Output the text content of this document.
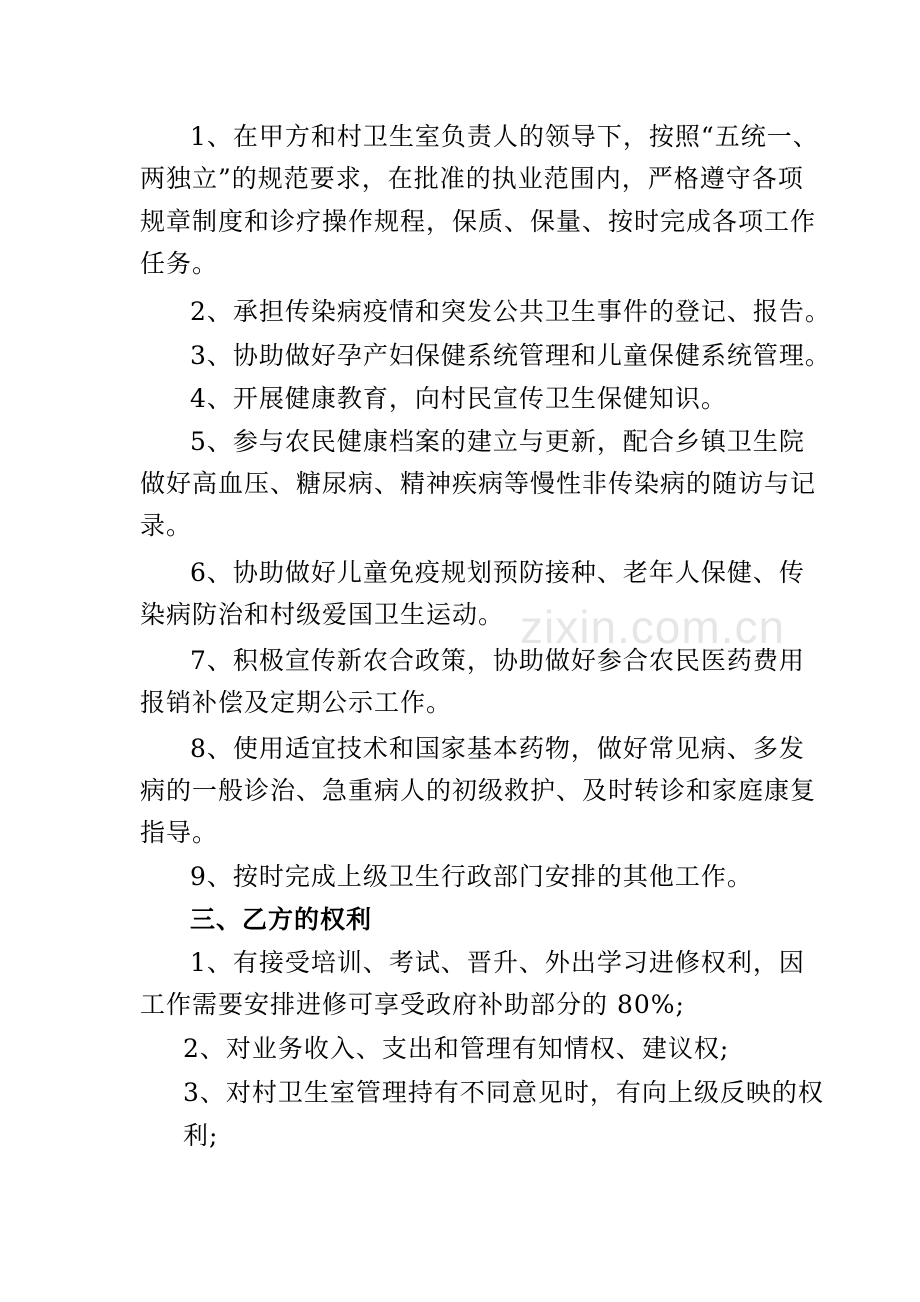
1、在甲方和村卫生室负责人的领导下，按照“五统一、
两独立”的规范要求，在批准的执业范围内，严格遵守各项
规章制度和诊疗操作规程，保质、保量、按时完成各项工作
任务。
2、承担传染病疫情和突发公共卫生事件的登记、报告。
3、协助做好孕产妇保健系统管理和儿童保健系统管理。
4、开展健康教育，向村民宣传卫生保健知识。
5、参与农民健康档案的建立与更新，配合乡镇卫生院
做好高血压、糖尿病、精神疾病等慢性非传染病的随访与记
录。
6、协助做好儿童免疫规划预防接种、老年人保健、传
染病防治和村级爱国卫生运动。
7、积极宣传新农合政策，协助做好参合农民医药费用
报销补偿及定期公示工作。
8、使用适宜技术和国家基本药物，做好常见病、多发
病的一般诊治、急重病人的初级救护、及时转诊和家庭康复
指导。
9、按时完成上级卫生行政部门安排的其他工作。
三、乙方的权利
1、有接受培训、考试、晋升、外出学习进修权利，因
工作需要安排进修可享受政府补助部分的 80%;
2、对业务收入、支出和管理有知情权、建议权;
3、对村卫生室管理持有不同意见时，有向上级反映的权
利;
zixin.com.cn
